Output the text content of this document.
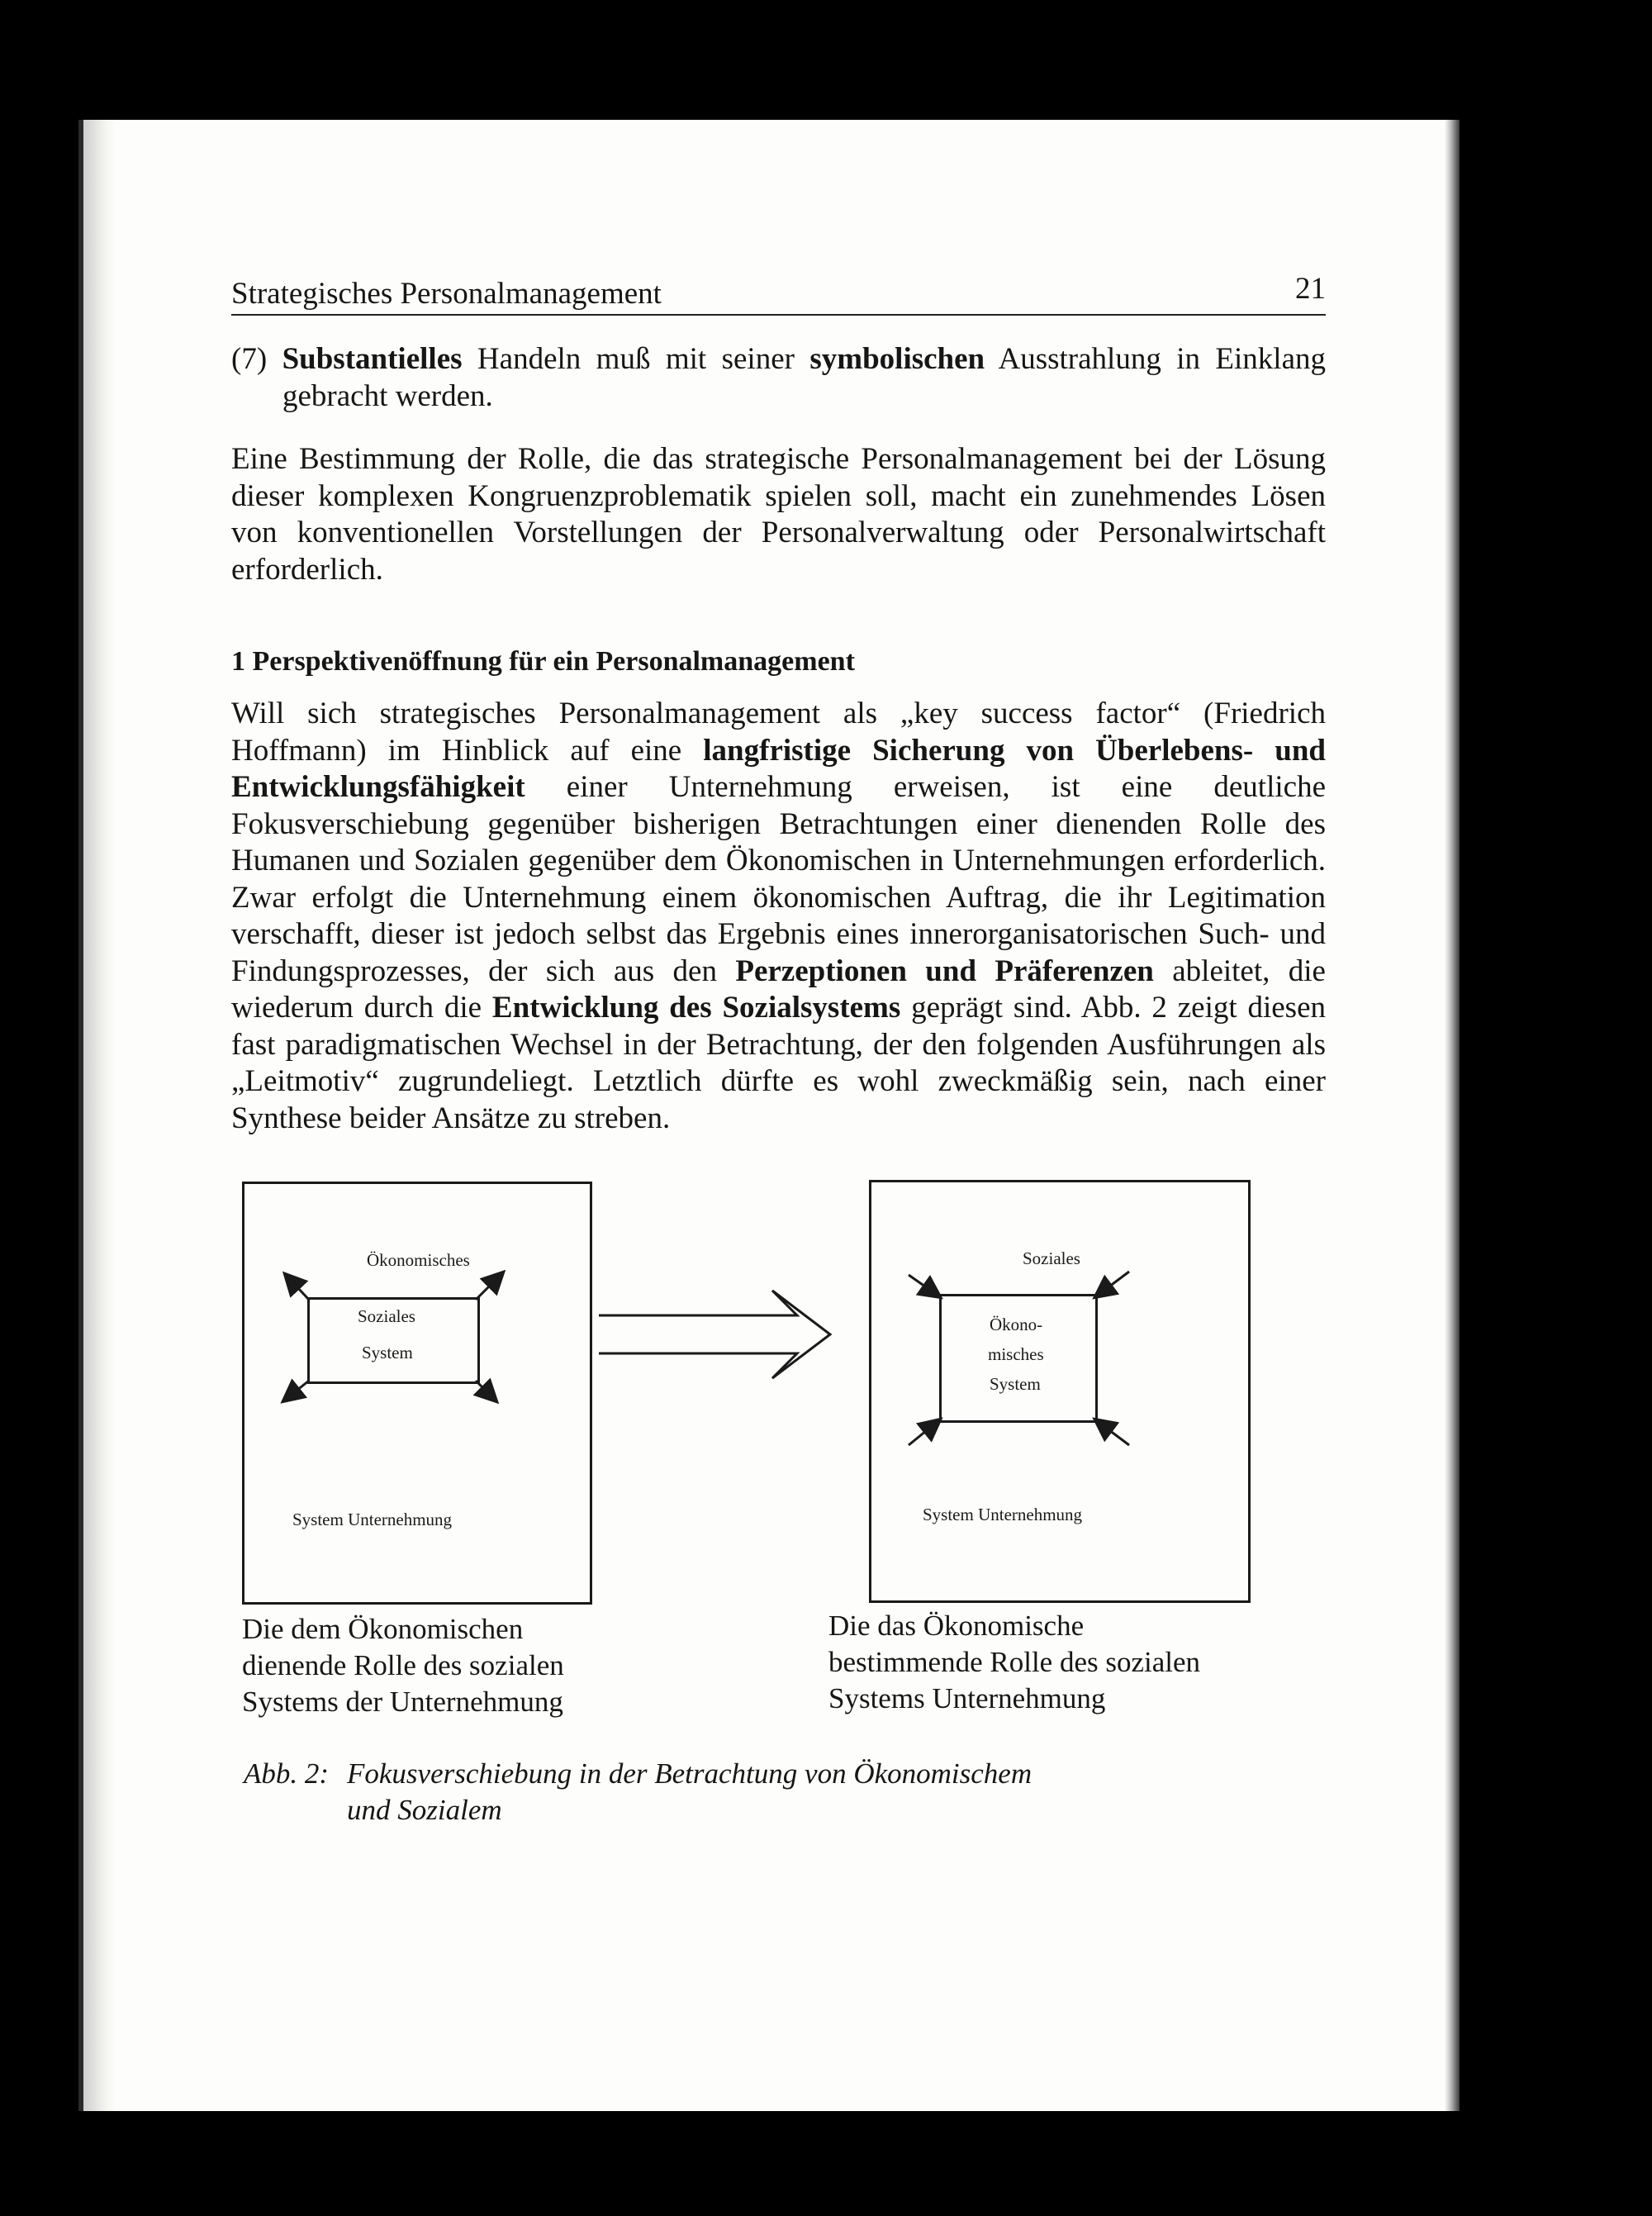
Strategisches Personalmanagement	21

(7) Substantielles Handeln muß mit seiner symbolischen Ausstrahlung in Einklang gebracht werden.

Eine Bestimmung der Rolle, die das strategische Personalmanagement bei der Lösung dieser komplexen Kongruenzproblematik spielen soll, macht ein zunehmendes Lösen von konventionellen Vorstellungen der Personalverwaltung oder Personalwirtschaft erforderlich.

1 Perspektivenöffnung für ein Personalmanagement

Will sich strategisches Personalmanagement als „key success factor“ (Friedrich Hoffmann) im Hinblick auf eine langfristige Sicherung von Überlebens- und Entwicklungsfähigkeit einer Unternehmung erweisen, ist eine deutliche Fokusverschiebung gegenüber bisherigen Betrachtungen einer dienenden Rolle des Humanen und Sozialen gegenüber dem Ökonomischen in Unternehmungen erforderlich. Zwar erfolgt die Unternehmung einem ökonomischen Auftrag, die ihr Legitimation verschafft, dieser ist jedoch selbst das Ergebnis eines innerorganisatorischen Such- und Findungsprozesses, der sich aus den Perzeptionen und Präferenzen ableitet, die wiederum durch die Entwicklung des Sozialsystems geprägt sind. Abb. 2 zeigt diesen fast paradigmatischen Wechsel in der Betrachtung, der den folgenden Ausführungen als „Leitmotiv“ zugrundeliegt. Letztlich dürfte es wohl zweckmäßig sein, nach einer Synthese beider Ansätze zu streben.

Ökonomisches
Soziales
System
System Unternehmung
Soziales
Ökono-
misches
System
System Unternehmung
Die dem Ökonomischen
dienende Rolle des sozialen
Systems der Unternehmung
Die das Ökonomische
bestimmende Rolle des sozialen
Systems Unternehmung
Abb. 2: Fokusverschiebung in der Betrachtung von Ökonomischem
und Sozialem
